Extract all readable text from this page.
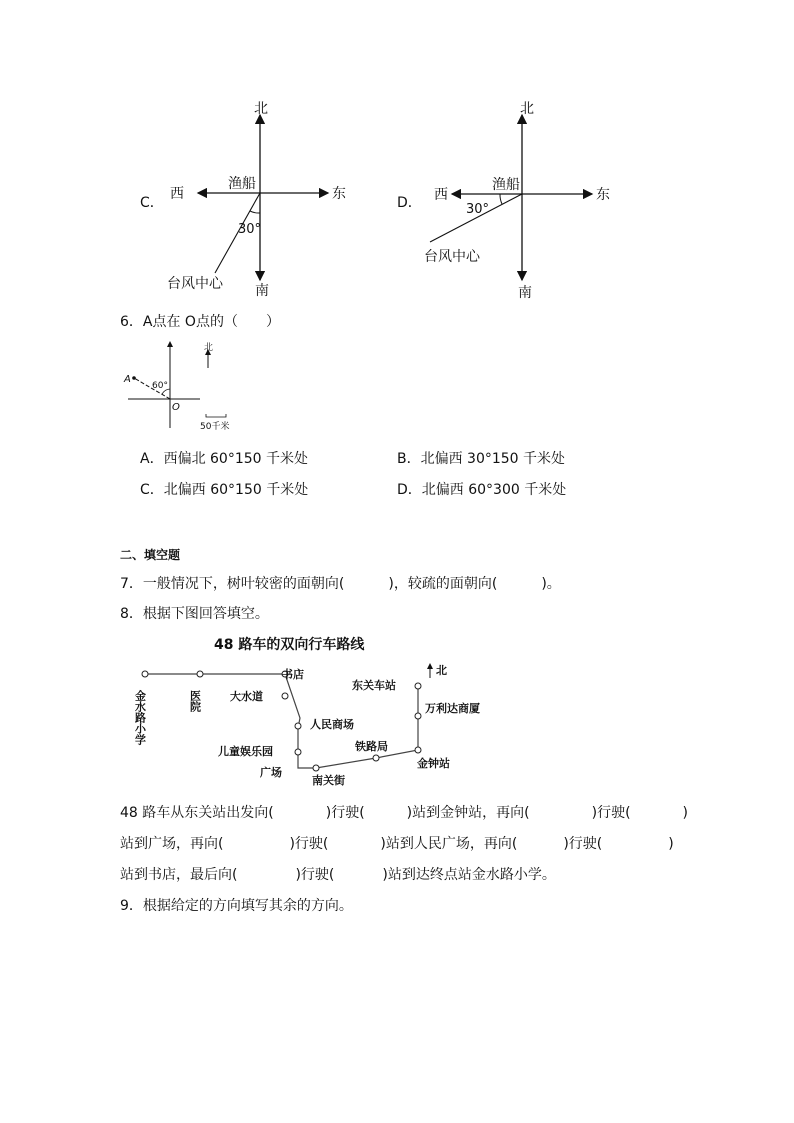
C．
北
南
东
西
渔船
30°
台风中心
D．
北
南
东
西
渔船
30°
台风中心
6．A点在 O点的（　　）
北
A
60°
O
50千米
A．西偏北 60°150 千米处	B．北偏西 30°150 千米处
C．北偏西 60°150 千米处	D．北偏西 60°300 千米处
二、填空题
7．一般情况下，树叶较密的面朝向(	)，较疏的面朝向(	)。
8．根据下图回答填空。
48 路车的双向行车路线
北
金水路小学	医院
书店
大水道
人民商场
儿童娱乐园
广场
南关街
铁路局
金钟站
万利达商厦
东关车站
48 路车从东关站出发向(	)行驶(	)站到金钟站，再向(	)行驶(	)
站到广场，再向(	)行驶(	)站到人民广场，再向(	)行驶(	)
站到书店，最后向(	)行驶(	)站到达终点站金水路小学。
9．根据给定的方向填写其余的方向。
